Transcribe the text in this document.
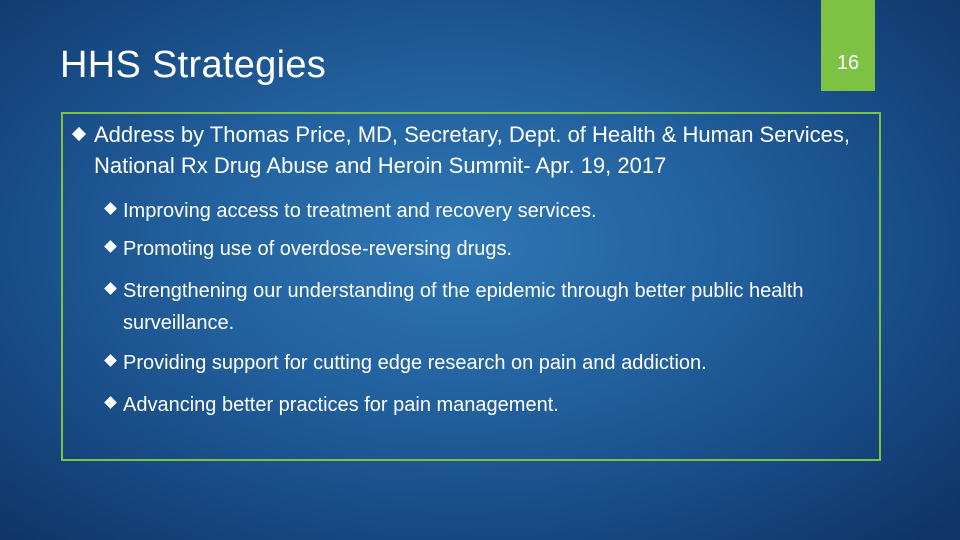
HHS Strategies	16
Address by Thomas Price, MD, Secretary, Dept. of Health & Human Services, National Rx Drug Abuse and Heroin Summit- Apr. 19, 2017
Improving access to treatment and recovery services.
Promoting use of overdose-reversing drugs.
Strengthening our understanding of the epidemic through better public health surveillance.
Providing support for cutting edge research on pain and addiction.
Advancing better practices for pain management.
